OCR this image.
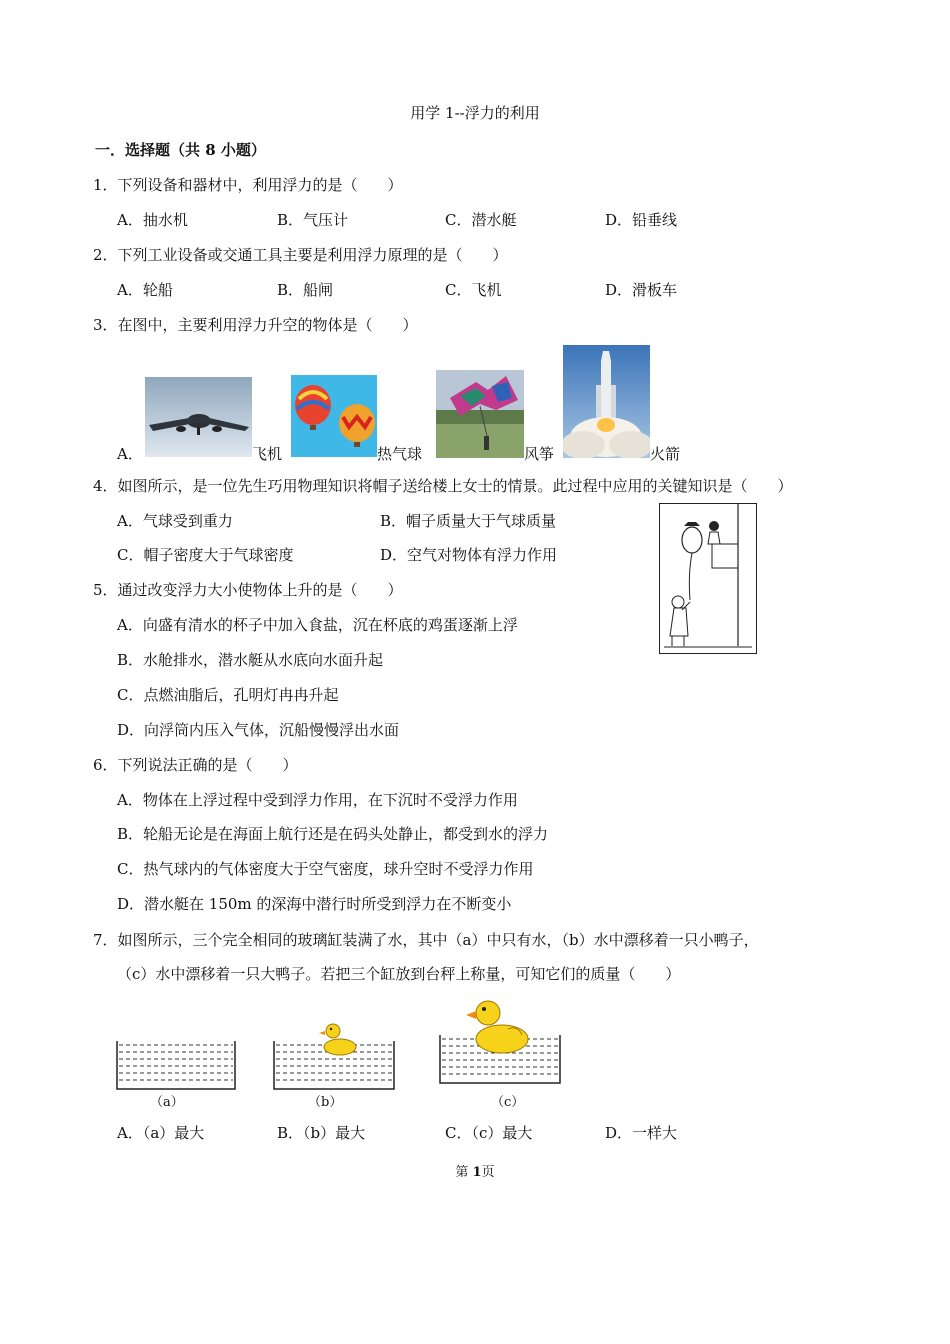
用学 1--浮力的利用
一．选择题（共 8 小题）
1．下列设备和器材中，利用浮力的是（　　）
A．抽水机	B．气压计	C．潜水艇	D．铅垂线
2．下列工业设备或交通工具主要是利用浮力原理的是（　　）
A．轮船	B．船闸	C．飞机	D．滑板车
3．在图中，主要利用浮力升空的物体是（　　）
A．	飞机	热气球	风筝	火箭
4．如图所示，是一位先生巧用物理知识将帽子送给楼上女士的情景。此过程中应用的关键知识是（　　）
A．气球受到重力	B．帽子质量大于气球质量
C．帽子密度大于气球密度	D．空气对物体有浮力作用
5．通过改变浮力大小使物体上升的是（　　）
A．向盛有清水的杯子中加入食盐，沉在杯底的鸡蛋逐渐上浮
B．水舱排水，潜水艇从水底向水面升起
C．点燃油脂后，孔明灯冉冉升起
D．向浮筒内压入气体，沉船慢慢浮出水面
6．下列说法正确的是（　　）
A．物体在上浮过程中受到浮力作用，在下沉时不受浮力作用
B．轮船无论是在海面上航行还是在码头处静止，都受到水的浮力
C．热气球内的气体密度大于空气密度，球升空时不受浮力作用
D．潜水艇在 150m 的深海中潜行时所受到浮力在不断变小
7．如图所示，三个完全相同的玻璃缸装满了水，其中（a）中只有水，（b）水中漂移着一只小鸭子，
（c）水中漂移着一只大鸭子。若把三个缸放到台秤上称量，可知它们的质量（　　）
（a）	（b）	（c）
A．（a）最大	B．（b）最大	C．（c）最大	D．一样大
第 1页
